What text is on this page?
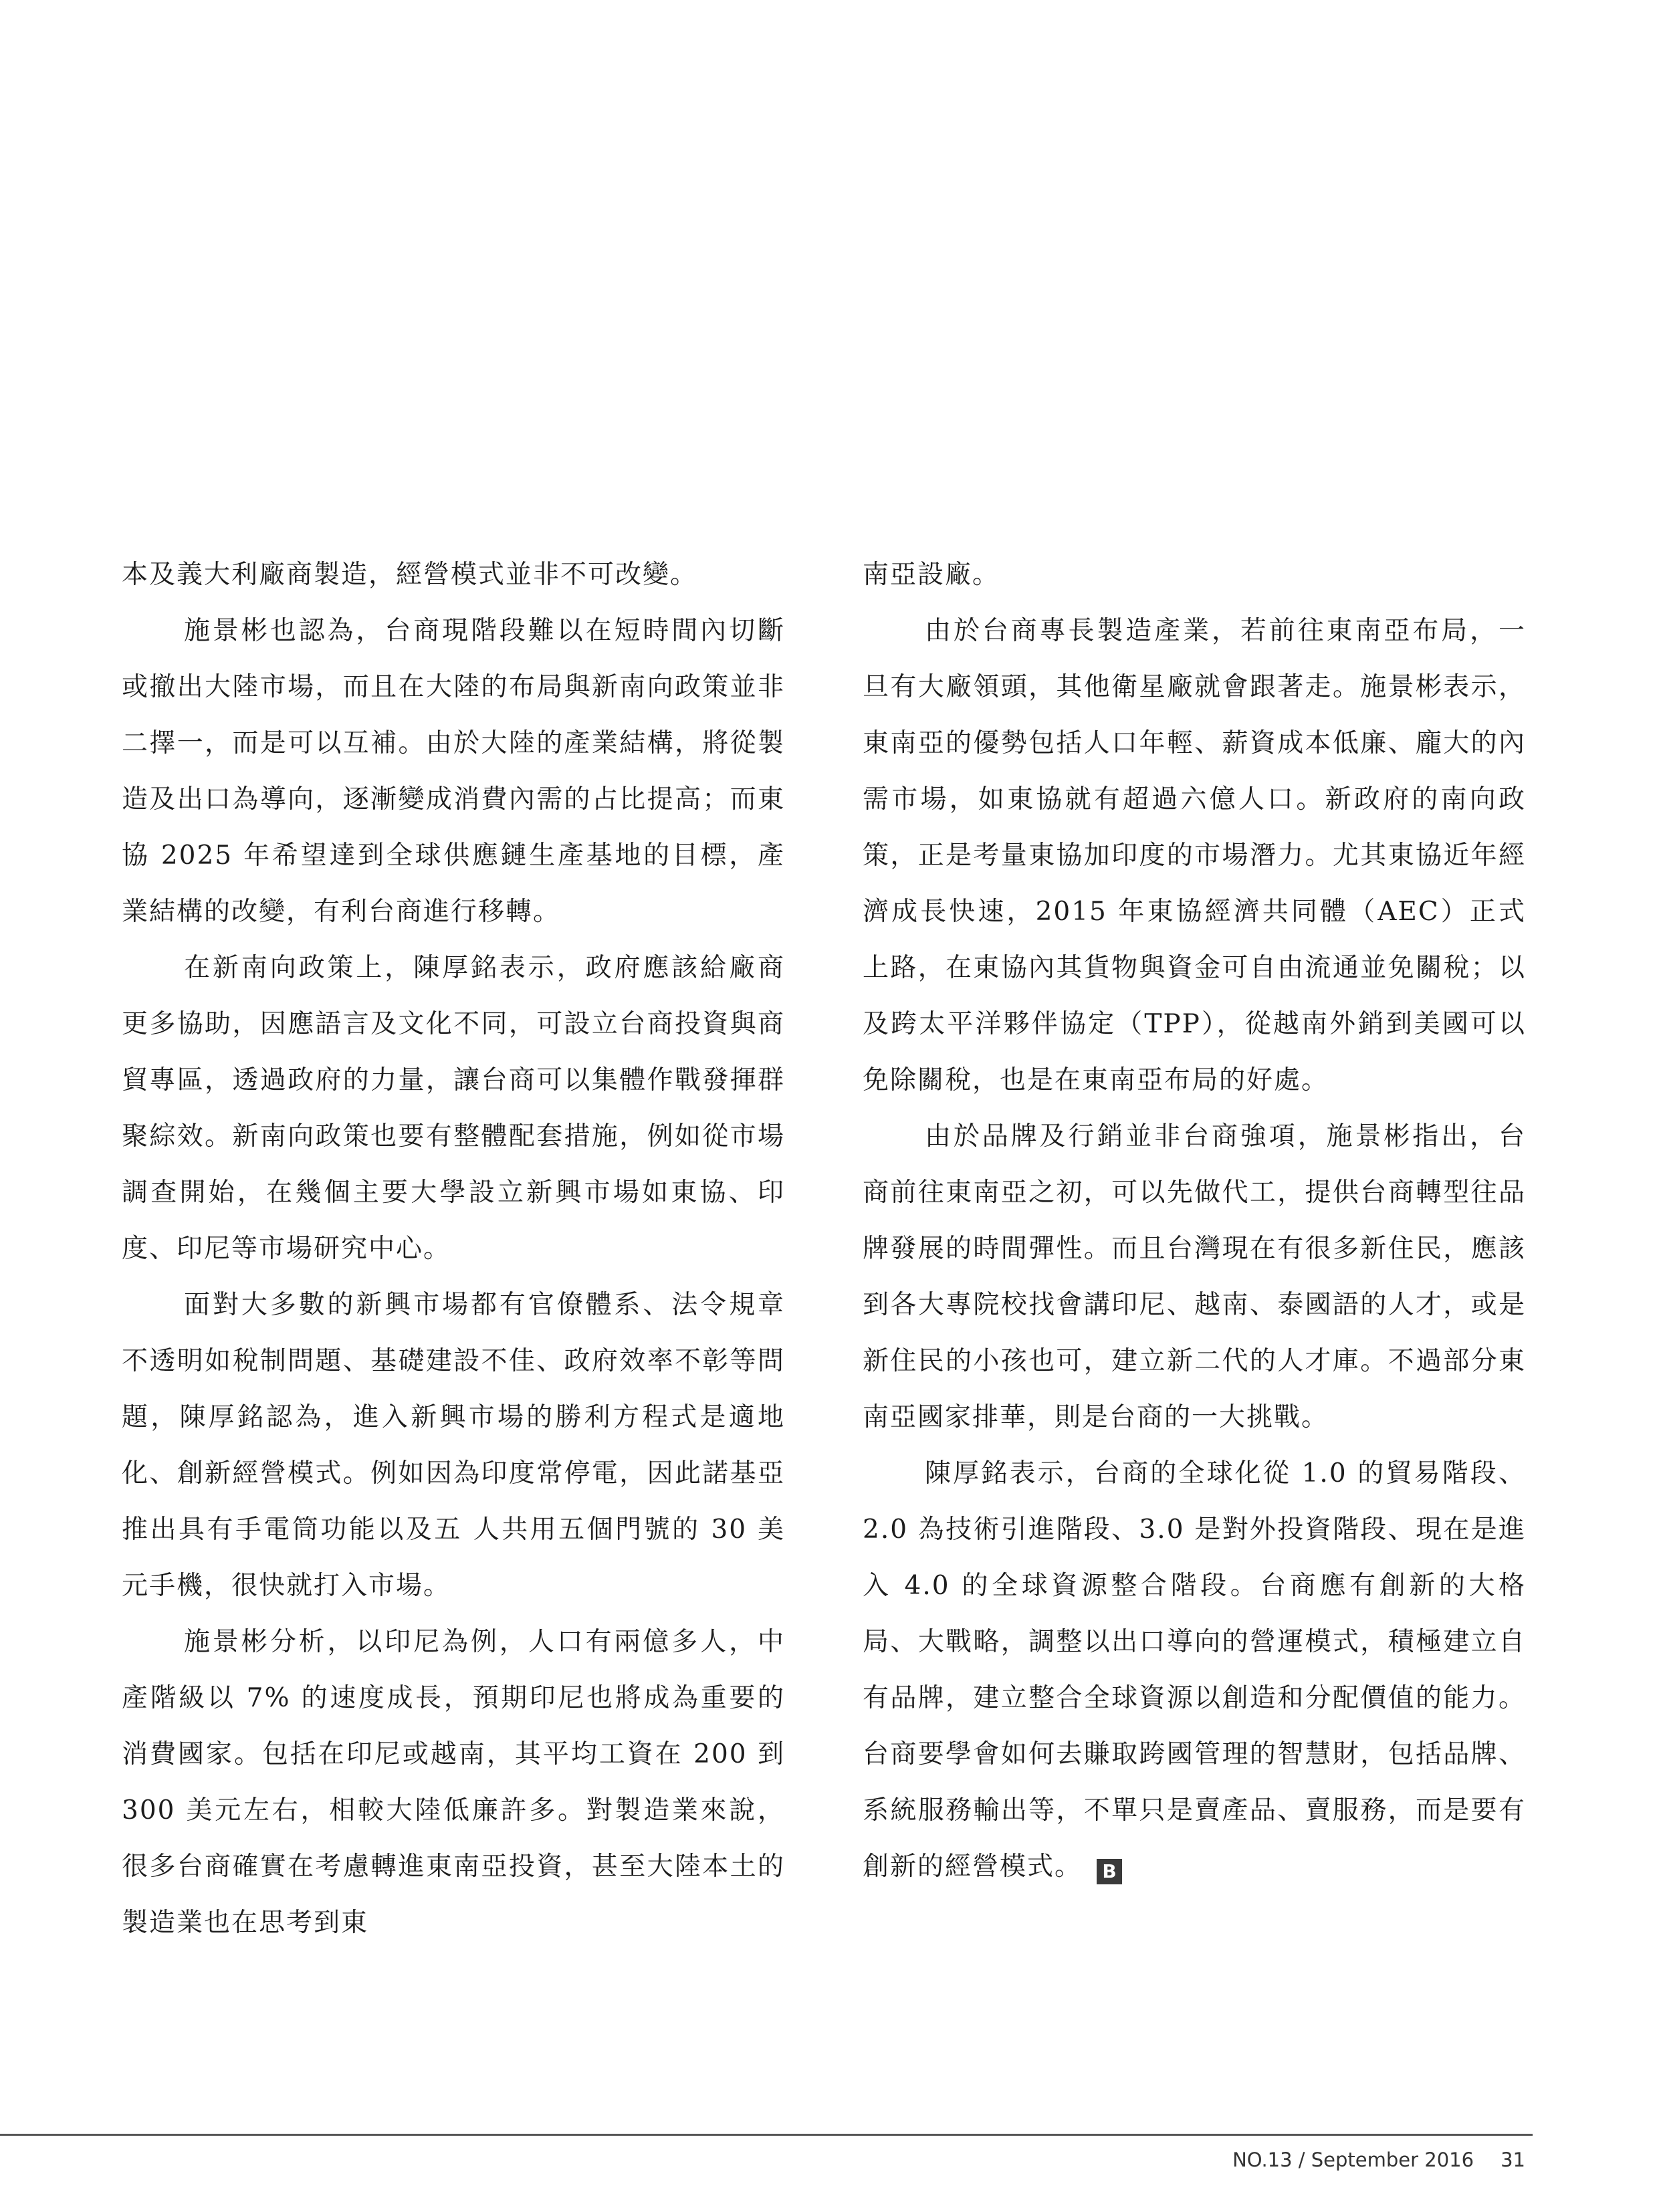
本及義大利廠商製造，經營模式並非不可改變。

施景彬也認為，台商現階段難以在短時間內切斷或撤出大陸市場，而且在大陸的布局與新南向政策並非二擇一，而是可以互補。由於大陸的產業結構，將從製造及出口為導向，逐漸變成消費內需的占比提高；而東協 2025 年希望達到全球供應鏈生產基地的目標，產業結構的改變，有利台商進行移轉。

在新南向政策上，陳厚銘表示，政府應該給廠商更多協助，因應語言及文化不同，可設立台商投資與商貿專區，透過政府的力量，讓台商可以集體作戰發揮群聚綜效。新南向政策也要有整體配套措施，例如從市場調查開始，在幾個主要大學設立新興市場如東協、印度、印尼等市場研究中心。

面對大多數的新興市場都有官僚體系、法令規章不透明如稅制問題、基礎建設不佳、政府效率不彰等問題，陳厚銘認為，進入新興市場的勝利方程式是適地化、創新經營模式。例如因為印度常停電，因此諾基亞推出具有手電筒功能以及五 人共用五個門號的 30 美元手機，很快就打入市場。

施景彬分析，以印尼為例，人口有兩億多人，中產階級以 7% 的速度成長，預期印尼也將成為重要的消費國家。包括在印尼或越南，其平均工資在 200 到 300 美元左右，相較大陸低廉許多。對製造業來說，很多台商確實在考慮轉進東南亞投資，甚至大陸本土的製造業也在思考到東

南亞設廠。

由於台商專長製造產業，若前往東南亞布局，一旦有大廠領頭，其他衛星廠就會跟著走。施景彬表示，東南亞的優勢包括人口年輕、薪資成本低廉、龐大的內需市場，如東協就有超過六億人口。新政府的南向政策，正是考量東協加印度的市場潛力。尤其東協近年經濟成長快速，2015 年東協經濟共同體（AEC）正式上路，在東協內其貨物與資金可自由流通並免關稅；以及跨太平洋夥伴協定（TPP），從越南外銷到美國可以免除關稅，也是在東南亞布局的好處。

由於品牌及行銷並非台商強項，施景彬指出，台商前往東南亞之初，可以先做代工，提供台商轉型往品牌發展的時間彈性。而且台灣現在有很多新住民，應該到各大專院校找會講印尼、越南、泰國語的人才，或是新住民的小孩也可，建立新二代的人才庫。不過部分東南亞國家排華，則是台商的一大挑戰。

陳厚銘表示，台商的全球化從 1.0 的貿易階段、2.0 為技術引進階段、3.0 是對外投資階段、現在是進入 4.0 的全球資源整合階段。台商應有創新的大格局、大戰略，調整以出口導向的營運模式，積極建立自有品牌，建立整合全球資源以創造和分配價值的能力。台商要學會如何去賺取跨國管理的智慧財，包括品牌、系統服務輸出等，不單只是賣產品、賣服務，而是要有創新的經營模式。 B

NO.13 / September 2016 31
